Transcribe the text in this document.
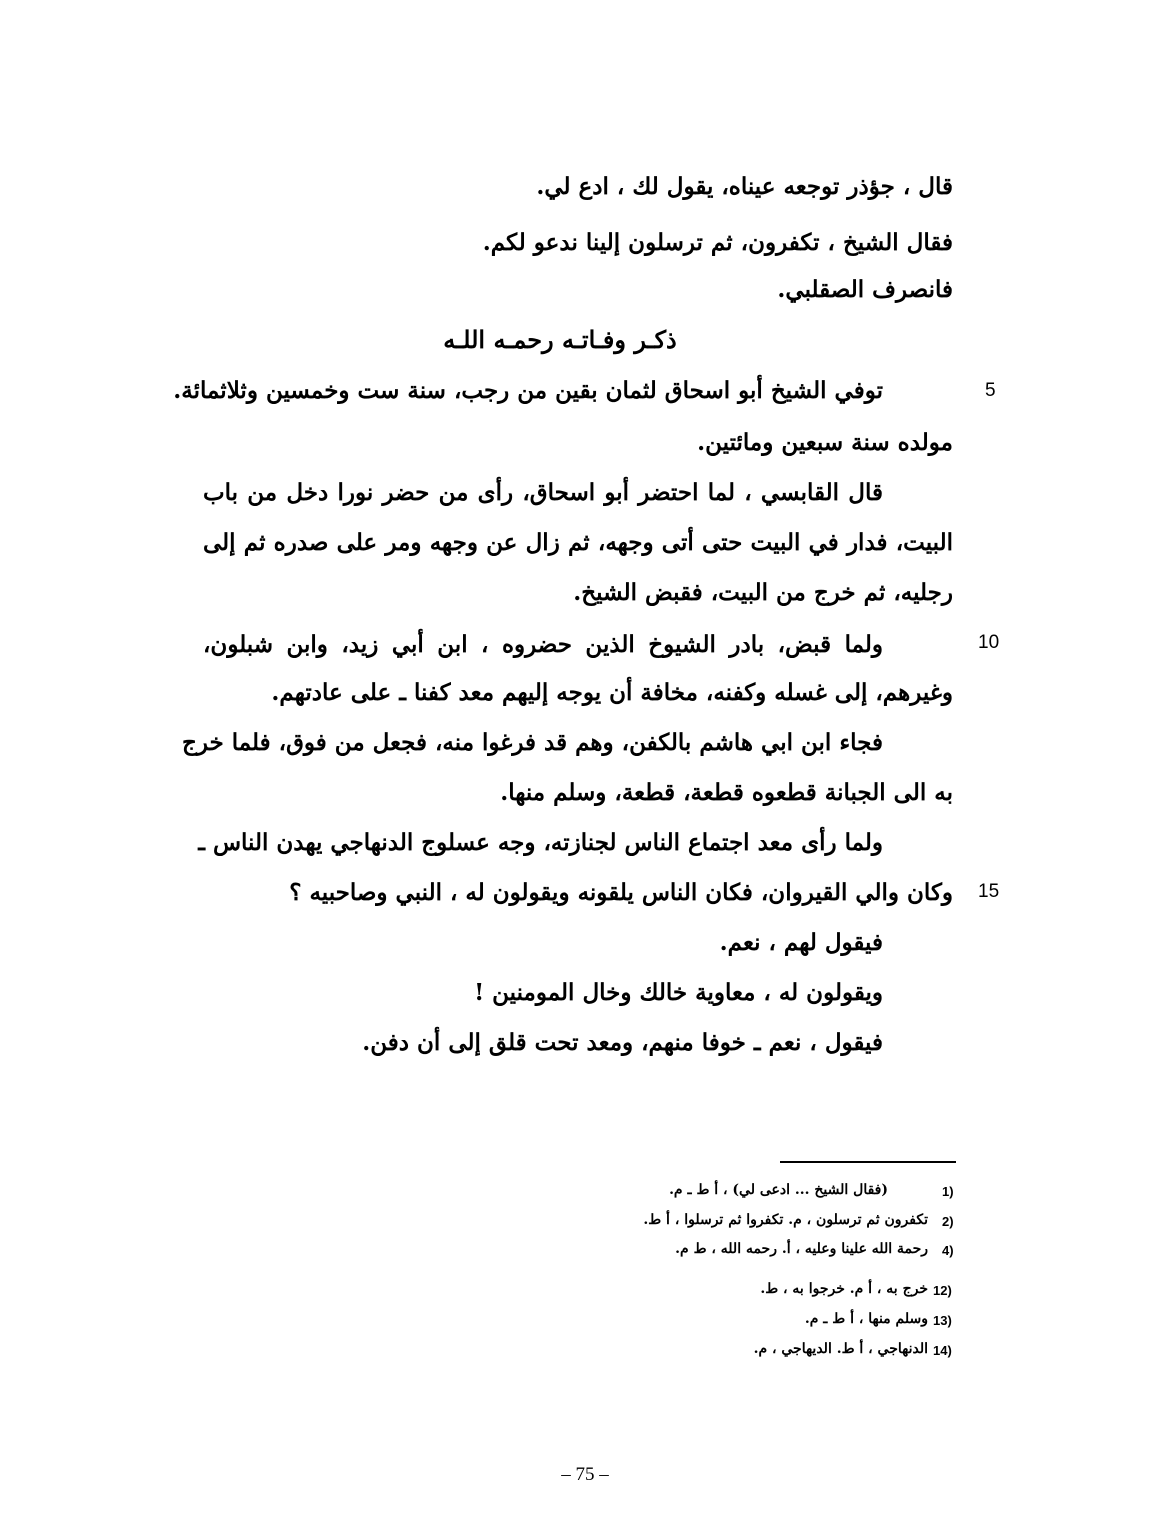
قال ، جؤذر توجعه عيناه، يقول لك ، ادع لي.
فقال الشيخ ، تكفرون، ثم ترسلون إلينا ندعو لكم.
فانصرف الصقلبي.
ذكـر وفـاتـه رحمـه اللـه
توفي الشيخ أبو اسحاق لثمان بقين من رجب، سنة ست وخمسين وثلاثمائة.
مولده سنة سبعين ومائتين.
قال القابسي ، لما احتضر أبو اسحاق، رأى من حضر نورا دخل من باب
البيت، فدار في البيت حتى أتى وجهه، ثم زال عن وجهه ومر على صدره ثم إلى
رجليه، ثم خرج من البيت، فقبض الشيخ.
ولما قبض، بادر الشيوخ الذين حضروه ، ابن أبي زيد، وابن شبلون،
وغيرهم، إلى غسله وكفنه، مخافة أن يوجه إليهم معد كفنا ـ على عادتهم.
فجاء ابن ابي هاشم بالكفن، وهم قد فرغوا منه، فجعل من فوق، فلما خرج
به الى الجبانة قطعوه قطعة، قطعة، وسلم منها.
ولما رأى معد اجتماع الناس لجنازته، وجه عسلوج الدنهاجي يهدن الناس ـ
وكان والي القيروان، فكان الناس يلقونه ويقولون له ، النبي وصاحبيه ؟
فيقول لهم ، نعم.
ويقولون له ، معاوية خالك وخال المومنين !
فيقول ، نعم ـ خوفا منهم، ومعد تحت قلق إلى أن دفن.
5
10
15
(فقال الشيخ ... ادعى لي) ، أ ط ـ م.	1)
تكفرون ثم ترسلون ، م. تكفروا ثم ترسلوا ، أ ط. 2)
رحمة الله علينا وعليه ، أ. رحمه الله ، ط م. 4)
خرج به ، أ م. خرجوا به ، ط. 12)
وسلم منها ، أ ط ـ م. 13)
الدنهاجي ، أ ط. الديهاجي ، م. 14)
– 75 –
